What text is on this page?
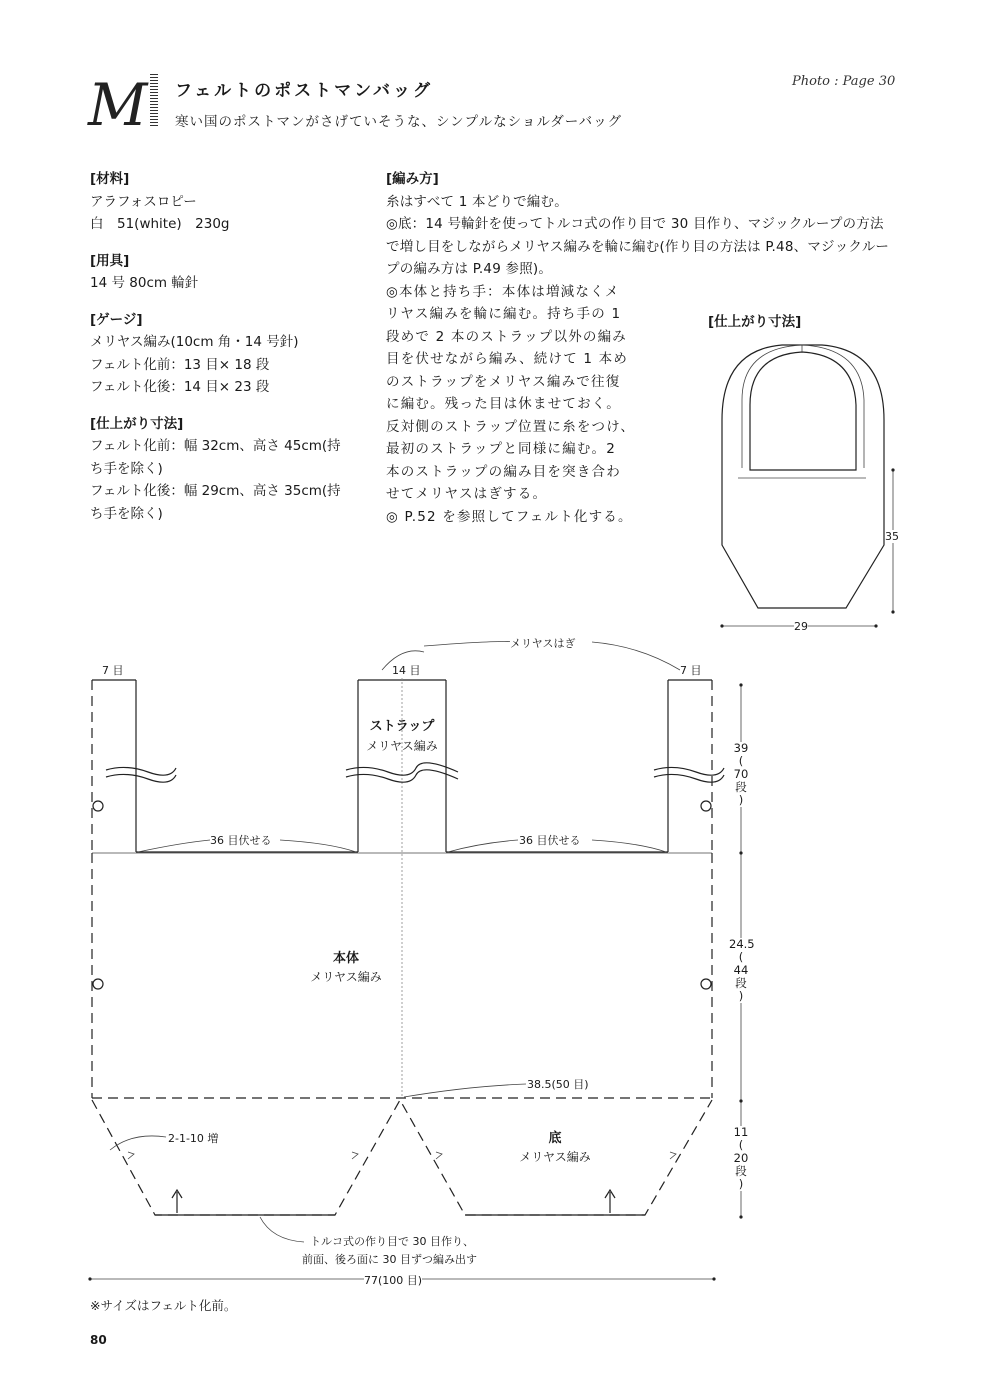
M フェルトのポストマンバッグ
寒い国のポストマンがさげていそうな、シンプルなショルダーバッグ
Photo : Page 30
[材料]
アラフォスロピー
白　51(white)　230g
[用具]
14 号 80cm 輪針
[ゲージ]
メリヤス編み(10cm 角・14 号針)
フェルト化前：13 目× 18 段
フェルト化後：14 目× 23 段
[仕上がり寸法]
フェルト化前：幅 32cm、高さ 45cm(持
ち手を除く)
フェルト化後：幅 29cm、高さ 35cm(持
ち手を除く)
[編み方]
糸はすべて 1 本どりで編む。
◎底：14 号輪針を使ってトルコ式の作り目で 30 目作り、マジックループの方法
で増し目をしながらメリヤス編みを輪に編む(作り目の方法は P.48、マジックルー
プの編み方は P.49 参照)。
◎本体と持ち手：本体は増減なくメ
リヤス編みを輪に編む。持ち手の 1
段めで 2 本のストラップ以外の編み
目を伏せながら編み、続けて 1 本め
のストラップをメリヤス編みで往復
に編む。残った目は休ませておく。
反対側のストラップ位置に糸をつけ、
最初のストラップと同様に編む。2
本のストラップの編み目を突き合わ
せてメリヤスはぎする。
◎ P.52 を参照してフェルト化する。
[仕上がり寸法]
35
29
メリヤスはぎ
7 目	14 目	7 目
ストラップ
メリヤス編み
36 目伏せる	36 目伏せる
本体
メリヤス編み
38.5(50 目)
2-1-10 増	底
メリヤス編み
トルコ式の作り目で 30 目作り、
前面、後ろ面に 30 目ずつ編み出す
77(100 目)
39
(
70
段
)
24.5
(
44
段
)
11
(
20
段
)
※サイズはフェルト化前。
80
